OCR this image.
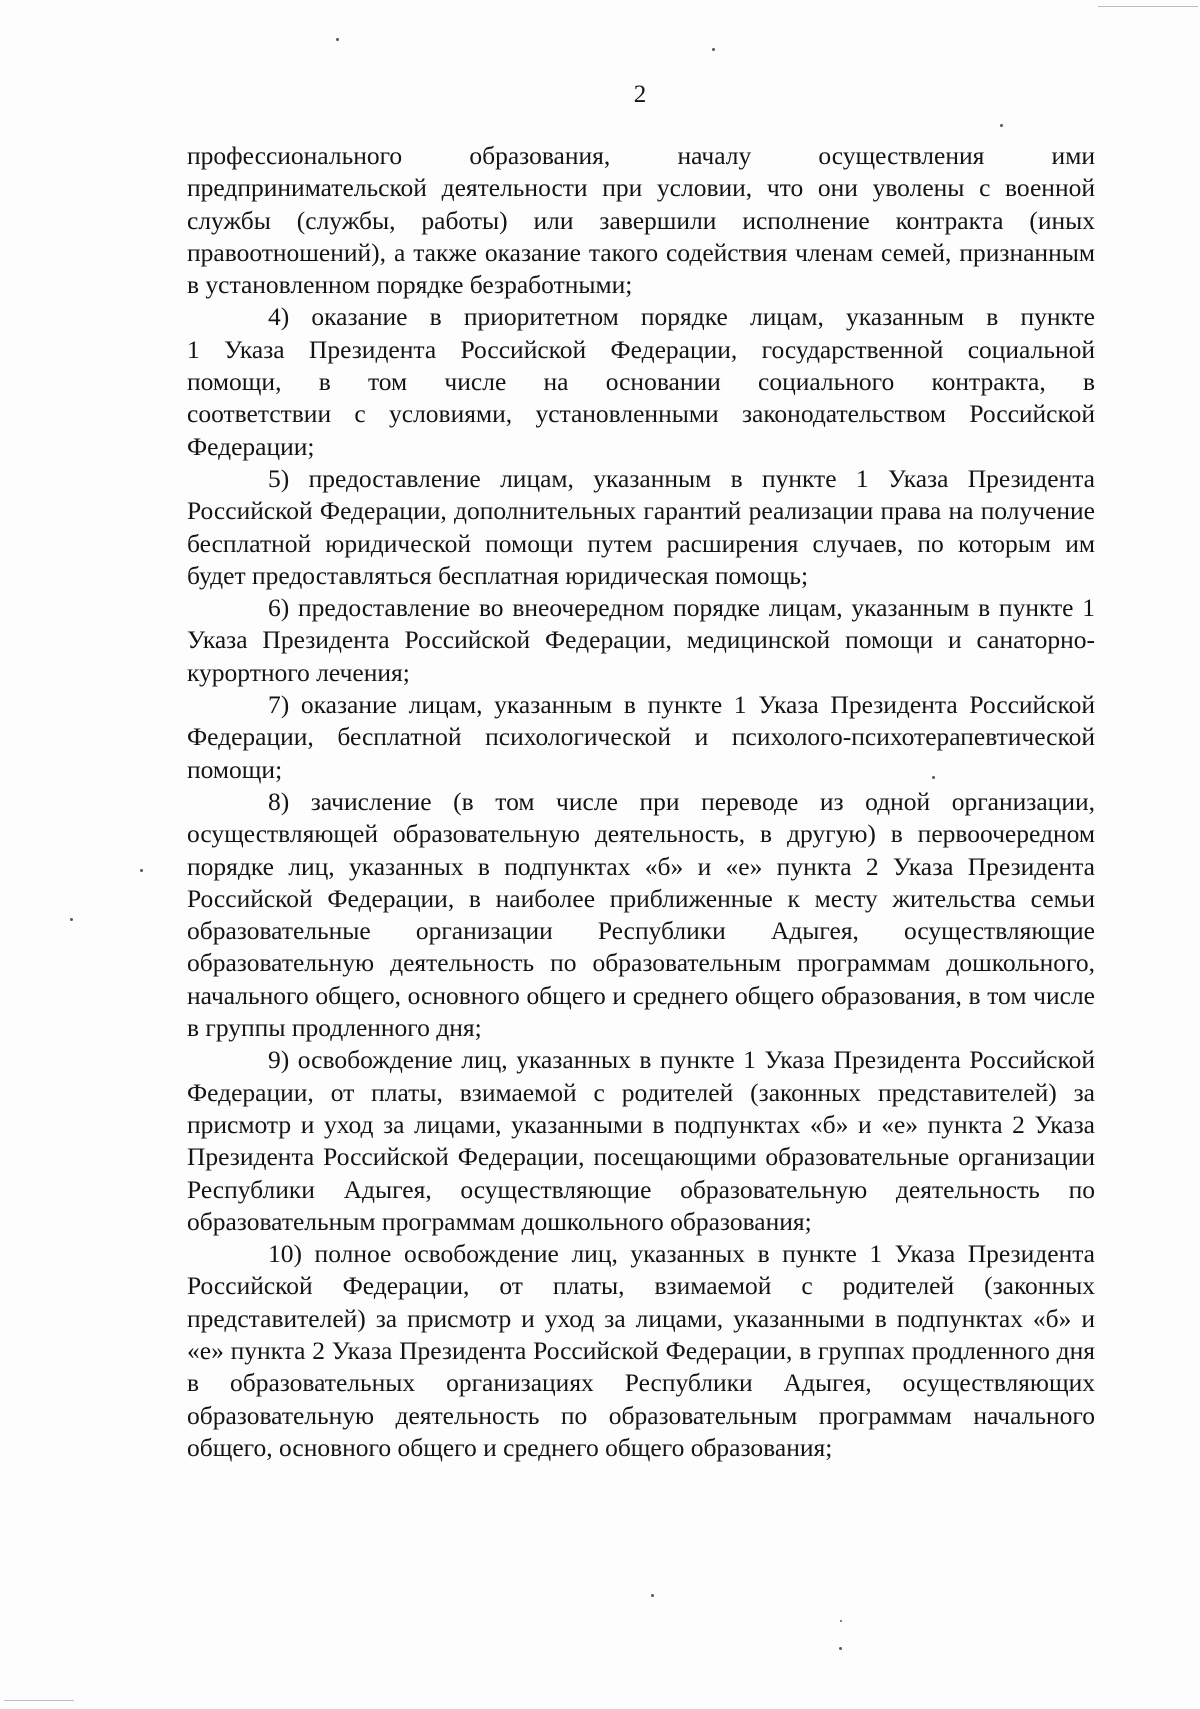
2

профессионального образования, началу осуществления ими предпринимательской деятельности при условии, что они уволены с военной службы (службы, работы) или завершили исполнение контракта (иных правоотношений), а также оказание такого содействия членам семей, признанным в установленном порядке безработными;

4) оказание в приоритетном порядке лицам, указанным в пункте 1 Указа Президента Российской Федерации, государственной социальной помощи, в том числе на основании социального контракта, в соответствии с условиями, установленными законодательством Российской Федерации;

5) предоставление лицам, указанным в пункте 1 Указа Президента Российской Федерации, дополнительных гарантий реализации права на получение бесплатной юридической помощи путем расширения случаев, по которым им будет предоставляться бесплатная юридическая помощь;

6) предоставление во внеочередном порядке лицам, указанным в пункте 1 Указа Президента Российской Федерации, медицинской помощи и санаторно-курортного лечения;

7) оказание лицам, указанным в пункте 1 Указа Президента Российской Федерации, бесплатной психологической и психолого-психотерапевтической помощи;

8) зачисление (в том числе при переводе из одной организации, осуществляющей образовательную деятельность, в другую) в первоочередном порядке лиц, указанных в подпунктах «б» и «е» пункта 2 Указа Президента Российской Федерации, в наиболее приближенные к месту жительства семьи образовательные организации Республики Адыгея, осуществляющие образовательную деятельность по образовательным программам дошкольного, начального общего, основного общего и среднего общего образования, в том числе в группы продленного дня;

9) освобождение лиц, указанных в пункте 1 Указа Президента Российской Федерации, от платы, взимаемой с родителей (законных представителей) за присмотр и уход за лицами, указанными в подпунктах «б» и «е» пункта 2 Указа Президента Российской Федерации, посещающими образовательные организации Республики Адыгея, осуществляющие образовательную деятельность по образовательным программам дошкольного образования;

10) полное освобождение лиц, указанных в пункте 1 Указа Президента Российской Федерации, от платы, взимаемой с родителей (законных представителей) за присмотр и уход за лицами, указанными в подпунктах «б» и «е» пункта 2 Указа Президента Российской Федерации, в группах продленного дня в образовательных организациях Республики Адыгея, осуществляющих образовательную деятельность по образовательным программам начального общего, основного общего и среднего общего образования;
